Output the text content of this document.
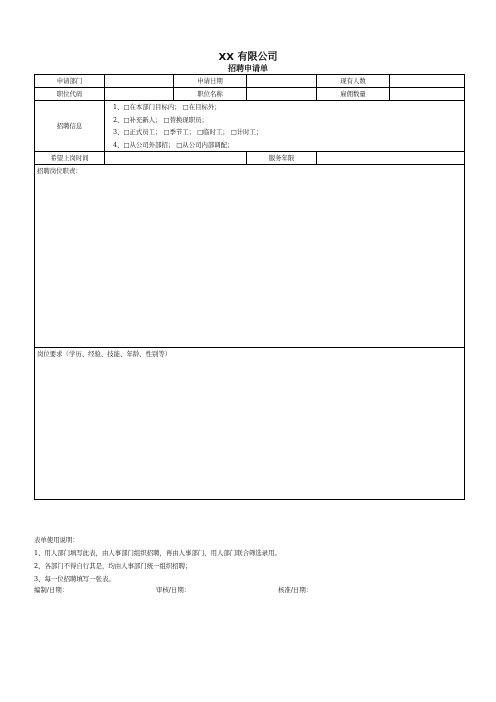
XX 有限公司
招聘申请单
申请部门		申请日期		现有人数	
职位代码		职位名称		雇佣数量	
招聘信息	1、□在本部门目标内； □在目标外；
2、□补充新人； □替换现职员；
3、□正式员工； □季节工； □临时工； □计时工；
4、□从公司外部招； □从公司内部调配；				

希望上岗时间			服务年限		
招聘岗位职责：					
岗位要求（学历、经验、技能、年龄、性别等）					
表单使用说明：
1、用人部门填写此表，由人事部门组织招聘，再由人事部门、用人部门联合筛选录用。
2、各部门不得自行其是，均由人事部门统一组织招聘；
3、每一位招聘填写一张表。
编制/日期：	审核/日期：	核准/日期：
